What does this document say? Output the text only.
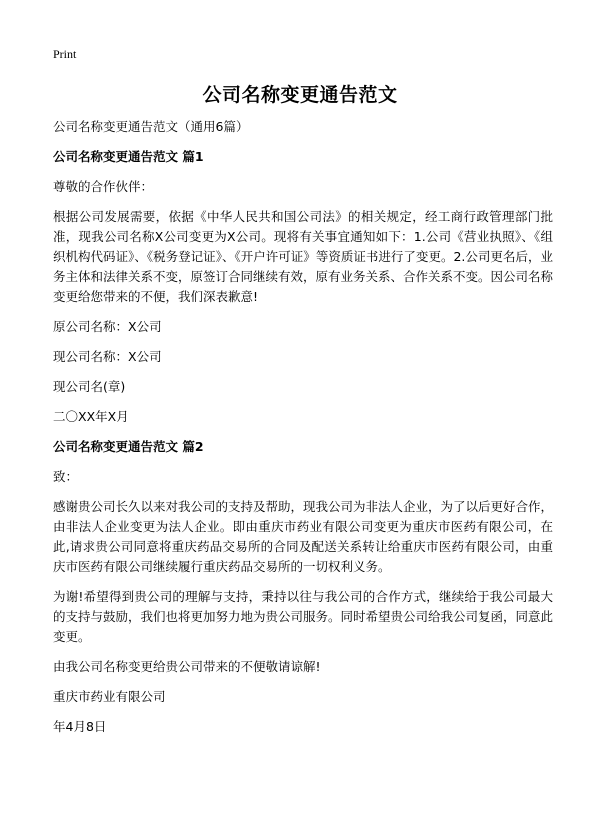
Print
公司名称变更通告范文

公司名称变更通告范文（通用6篇）

公司名称变更通告范文 篇1

尊敬的合作伙伴：

根据公司发展需要，依据《中华人民共和国公司法》的相关规定，经工商行政管理部门批准，现我公司名称X公司变更为X公司。现将有关事宜通知如下：1.公司《营业执照》、《组织机构代码证》、《税务登记证》、《开户许可证》等资质证书进行了变更。2.公司更名后，业务主体和法律关系不变，原签订合同继续有效，原有业务关系、合作关系不变。因公司名称变更给您带来的不便，我们深表歉意!

原公司名称：X公司

现公司名称：X公司

现公司名(章)

二〇XX年X月

公司名称变更通告范文 篇2

致：

感谢贵公司长久以来对我公司的支持及帮助，现我公司为非法人企业，为了以后更好合作，由非法人企业变更为法人企业。即由重庆市药业有限公司变更为重庆市医药有限公司，在此,请求贵公司同意将重庆药品交易所的合同及配送关系转让给重庆市医药有限公司，由重庆市医药有限公司继续履行重庆药品交易所的一切权利义务。

为谢!希望得到贵公司的理解与支持，秉持以往与我公司的合作方式，继续给于我公司最大的支持与鼓励，我们也将更加努力地为贵公司服务。同时希望贵公司给我公司复函，同意此变更。

由我公司名称变更给贵公司带来的不便敬请谅解!

重庆市药业有限公司

年4月8日
